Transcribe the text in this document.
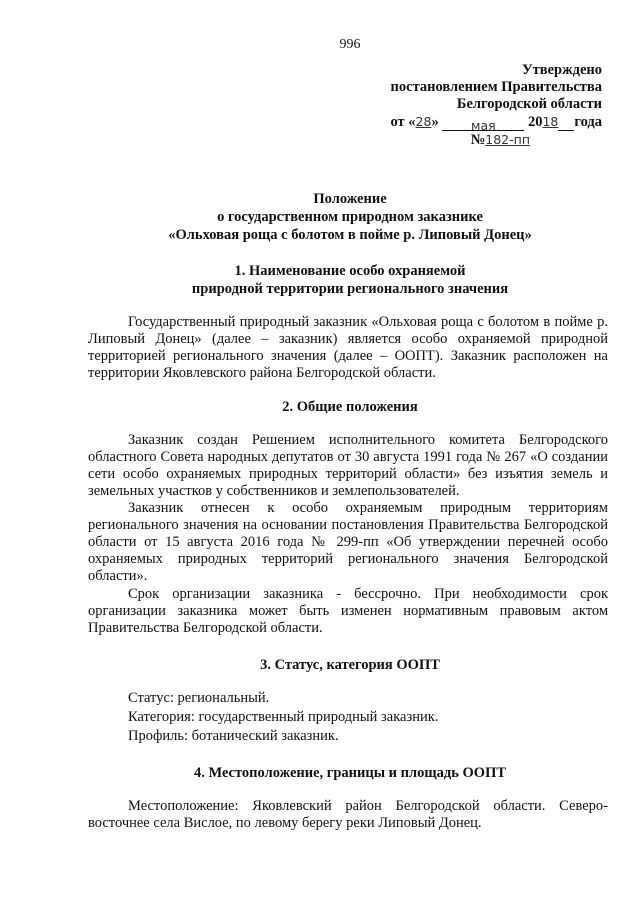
996
Утверждено
постановлением Правительства
Белгородской области
от «28»	мая 2018 года
№182-пп
Положение
о государственном природном заказнике
«Ольховая роща с болотом в пойме р. Липовый Донец»
1. Наименование особо охраняемой
природной территории регионального значения
Государственный природный заказник «Ольховая роща с болотом в пойме р. Липовый Донец» (далее – заказник) является особо охраняемой природной территорией регионального значения (далее – ООПТ). Заказник расположен на территории Яковлевского района Белгородской области.
2. Общие положения
Заказник создан Решением исполнительного комитета Белгородского областного Совета народных депутатов от 30 августа 1991 года № 267 «О создании сети особо охраняемых природных территорий области» без изъятия земель и земельных участков у собственников и землепользователей.
Заказник отнесен к особо охраняемым природным территориям регионального значения на основании постановления Правительства Белгородской области от 15 августа 2016 года № 299-пп «Об утверждении перечней особо охраняемых природных территорий регионального значения Белгородской области».
Срок организации заказника - бессрочно. При необходимости срок организации заказника может быть изменен нормативным правовым актом Правительства Белгородской области.
3. Статус, категория ООПТ
Статус: региональный.
Категория: государственный природный заказник.
Профиль: ботанический заказник.
4. Местоположение, границы и площадь ООПТ
Местоположение: Яковлевский район Белгородской области. Северо-восточнее села Вислое, по левому берегу реки Липовый Донец.
